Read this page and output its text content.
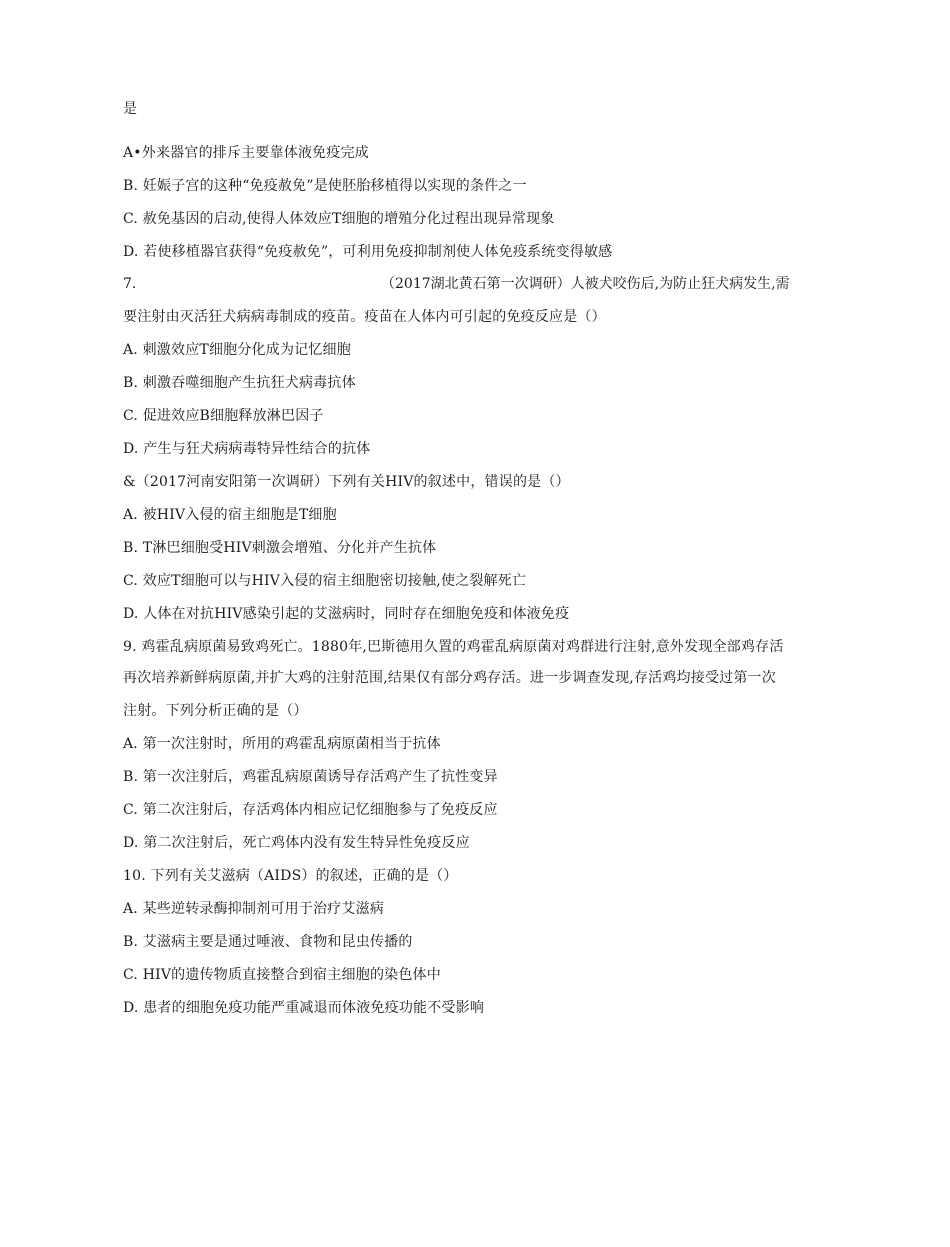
是
A•外来器官的排斥主要靠体液免疫完成
B. 妊娠子宫的这种“免疫赦免”是使胚胎移植得以实现的条件之一
C. 赦免基因的启动,使得人体效应T细胞的增殖分化过程出现异常现象
D. 若使移植器官获得“免疫赦免”，可利用免疫抑制剂使人体免疫系统变得敏感
7.	（2017湖北黄石第一次调研）人被犬咬伤后,为防止狂犬病发生,需
要注射由灭活狂犬病病毒制成的疫苗。疫苗在人体内可引起的免疫反应是（）
A. 刺激效应T细胞分化成为记忆细胞
B. 刺激吞噬细胞产生抗狂犬病毒抗体
C. 促进效应B细胞释放淋巴因子
D. 产生与狂犬病病毒特异性结合的抗体
&（2017河南安阳第一次调研）下列有关HIV的叙述中，错误的是（）
A. 被HIV入侵的宿主细胞是T细胞
B. T淋巴细胞受HIV刺激会增殖、分化并产生抗体
C. 效应T细胞可以与HIV入侵的宿主细胞密切接触,使之裂解死亡
D. 人体在对抗HIV感染引起的艾滋病时，同时存在细胞免疫和体液免疫
9. 鸡霍乱病原菌易致鸡死亡。1880年,巴斯德用久置的鸡霍乱病原菌对鸡群进行注射,意外发现全部鸡存活
再次培养新鲜病原菌,并扩大鸡的注射范围,结果仅有部分鸡存活。进一步调查发现,存活鸡均接受过第一次
注射。下列分析正确的是（）
A. 第一次注射时，所用的鸡霍乱病原菌相当于抗体
B. 第一次注射后，鸡霍乱病原菌诱导存活鸡产生了抗性变异
C. 第二次注射后，存活鸡体内相应记忆细胞参与了免疫反应
D. 第二次注射后，死亡鸡体内没有发生特异性免疫反应
10. 下列有关艾滋病（AIDS）的叙述，正确的是（）
A. 某些逆转录酶抑制剂可用于治疗艾滋病
B. 艾滋病主要是通过唾液、食物和昆虫传播的
C. HIV的遗传物质直接整合到宿主细胞的染色体中
D. 患者的细胞免疫功能严重减退而体液免疫功能不受影响
